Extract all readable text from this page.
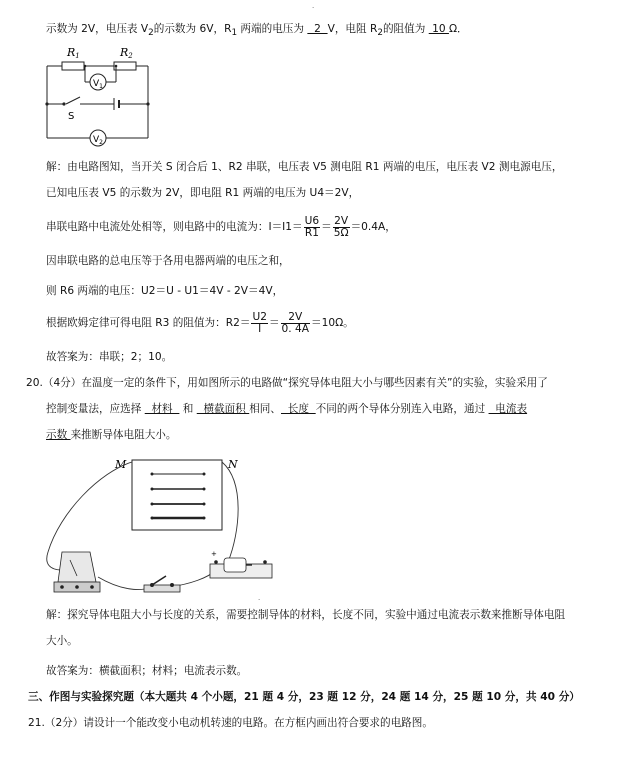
.
示数为 2V，电压表 $V_2$的示数为 6V，$R_1$ 两端的电压为   2  V，电阻 $R_2$的阻值为  10 Ω．
R1	R2
$V_1$
$V_2$
S
解：由电路图知，当开关 S 闭合后 1、R2 串联，电压表 V5 测电阻 R1 两端的电压，电压表 V2 测电源电压，
已知电压表 V5 的示数为 2V，即电阻 R1 两端的电压为 U4＝2V，
串联电路中电流处处相等，则电路中的电流为：$I=I1= \frac{U6}{R1} = \frac{2V}{5\Omega} =0.4A$，
因串联电路的总电压等于各用电器两端的电压之和，
则 R6 两端的电压：U2＝U - U1＝4V - 2V＝4V，
根据欧姆定律可得电阻 R3 的阻值为：$R2= \frac{U2}{I} = \frac{2V}{0. 4A} =10\Omega$。
故答案为：串联；2；10。
20.（4分）在温度一定的条件下，用如图所示的电路做“探究导体电阻大小与哪些因素有关”的实验，实验采用了
控制变量法，应选择   材料   和   横截面积 相同、  长度  不同的两个导体分别连入电路，通过   电流表
示数 来推断导体电阻大小。
M	N
+
.
解：探究导体电阻大小与长度的关系，需要控制导体的材料，长度不同，实验中通过电流表示数来推断导体电阻
大小。
故答案为：横截面积；材料；电流表示数。
三、作图与实验探究题（本大题共 4 个小题，21 题 4 分，23 题 12 分，24 题 14 分，25 题 10 分，共 40 分）
21.（2分）请设计一个能改变小电动机转速的电路。在方框内画出符合要求的电路图。
